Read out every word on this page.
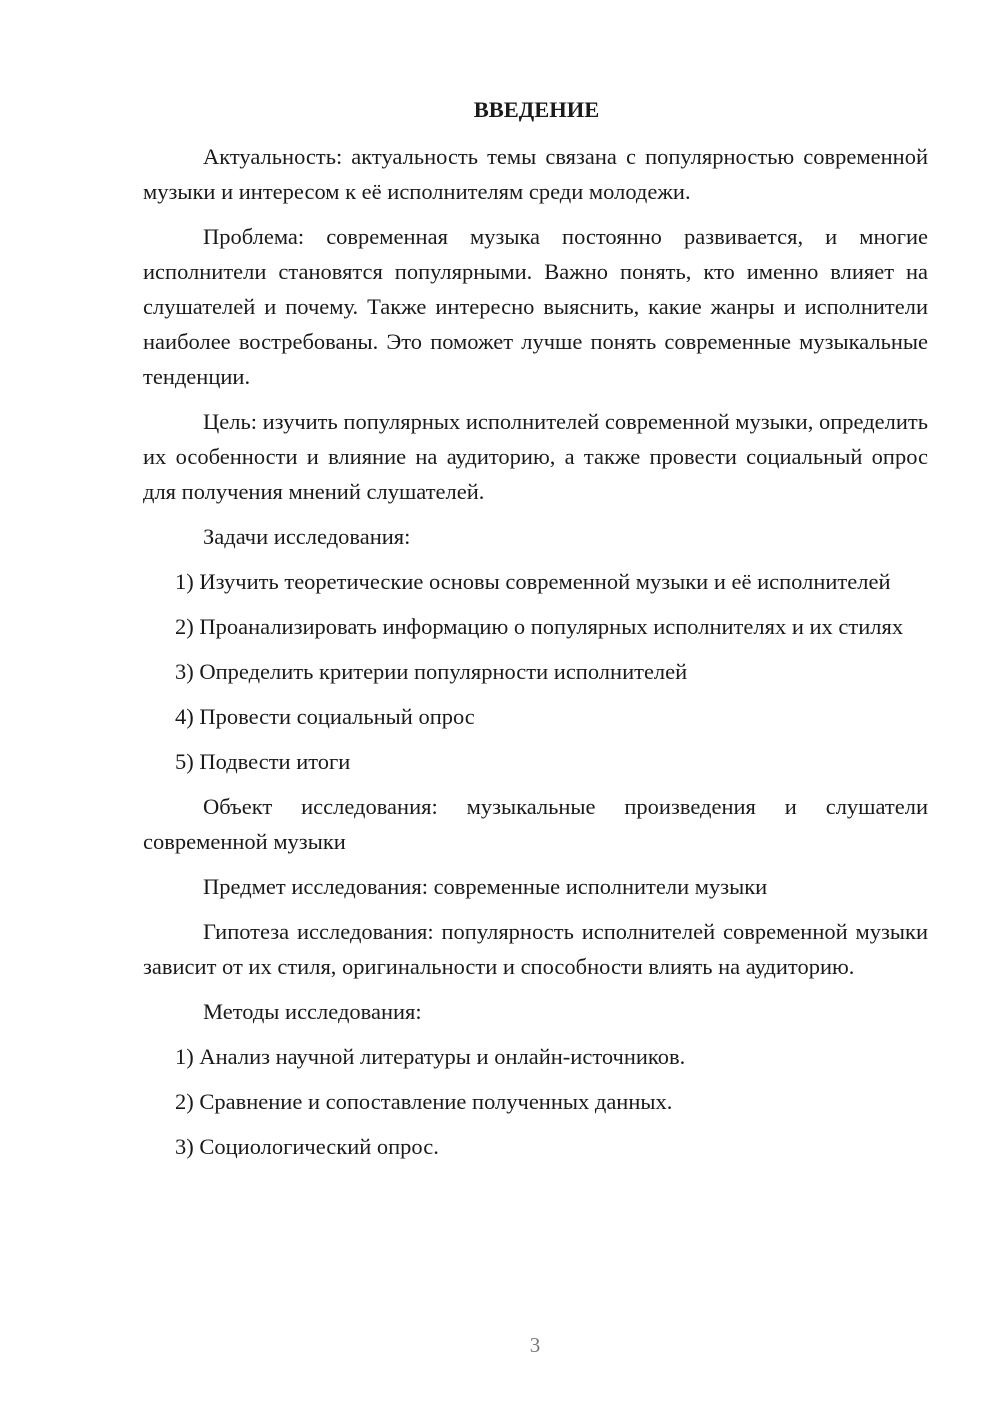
ВВЕДЕНИЕ

Актуальность: актуальность темы связана с популярностью современной музыки и интересом к её исполнителям среди молодежи.

Проблема: современная музыка постоянно развивается, и многие исполнители становятся популярными. Важно понять, кто именно влияет на слушателей и почему. Также интересно выяснить, какие жанры и исполнители наиболее востребованы. Это поможет лучше понять современные музыкальные тенденции.

Цель: изучить популярных исполнителей современной музыки, определить их особенности и влияние на аудиторию, а также провести социальный опрос для получения мнений слушателей.

Задачи исследования:

1) Изучить теоретические основы современной музыки и её исполнителей

2) Проанализировать информацию о популярных исполнителях и их стилях

3) Определить критерии популярности исполнителей

4) Провести социальный опрос

5) Подвести итоги

Объект исследования: музыкальные произведения и слушатели современной музыки

Предмет исследования: современные исполнители музыки

Гипотеза исследования: популярность исполнителей современной музыки зависит от их стиля, оригинальности и способности влиять на аудиторию.

Методы исследования:

1) Анализ научной литературы и онлайн-источников.

2) Сравнение и сопоставление полученных данных.

3) Социологический опрос.

3
